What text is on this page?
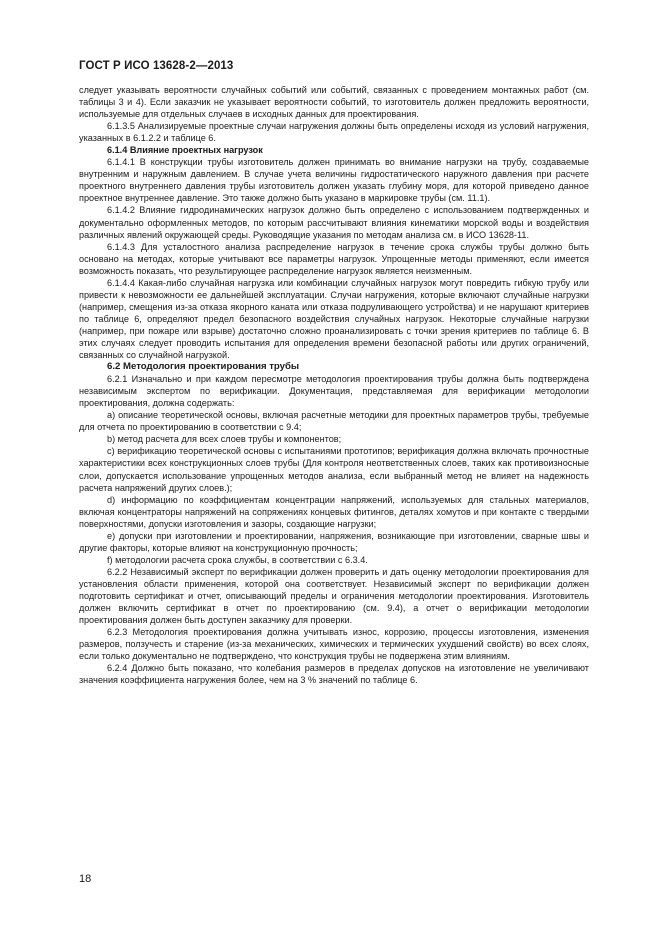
ГОСТ Р ИСО 13628-2—2013

следует указывать вероятности случайных событий или событий, связанных с проведением монтажных работ (см. таблицы 3 и 4). Если заказчик не указывает вероятности событий, то изготовитель должен предложить вероятности, используемые для отдельных случаев в исходных данных для проектирования.

6.1.3.5 Анализируемые проектные случаи нагружения должны быть определены исходя из условий нагружения, указанных в 6.1.2.2 и таблице 6.

6.1.4 Влияние проектных нагрузок

6.1.4.1 В конструкции трубы изготовитель должен принимать во внимание нагрузки на трубу, создаваемые внутренним и наружным давлением. В случае учета величины гидростатического наружного давления при расчете проектного внутреннего давления трубы изготовитель должен указать глубину моря, для которой приведено данное проектное внутреннее давление. Это также должно быть указано в маркировке трубы (см. 11.1).

6.1.4.2 Влияние гидродинамических нагрузок должно быть определено с использованием подтвержденных и документально оформленных методов, по которым рассчитывают влияния кинематики морской воды и воздействия различных явлений окружающей среды. Руководящие указания по методам анализа см. в ИСО 13628-11.

6.1.4.3 Для усталостного анализа распределение нагрузок в течение срока службы трубы должно быть основано на методах, которые учитывают все параметры нагрузок. Упрощенные методы применяют, если имеется возможность показать, что результирующее распределение нагрузок является неизменным.

6.1.4.4 Какая-либо случайная нагрузка или комбинации случайных нагрузок могут повредить гибкую трубу или привести к невозможности ее дальнейшей эксплуатации. Случаи нагружения, которые включают случайные нагрузки (например, смещения из-за отказа якорного каната или отказа подруливающего устройства) и не нарушают критериев по таблице 6, определяют предел безопасного воздействия случайных нагрузок. Некоторые случайные нагрузки (например, при пожаре или взрыве) достаточно сложно проанализировать с точки зрения критериев по таблице 6. В этих случаях следует проводить испытания для определения времени безопасной работы или других ограничений, связанных со случайной нагрузкой.

6.2 Методология проектирования трубы

6.2.1 Изначально и при каждом пересмотре методология проектирования трубы должна быть подтверждена независимым экспертом по верификации. Документация, представляемая для верификации методологии проектирования, должна содержать:

а) описание теоретической основы, включая расчетные методики для проектных параметров трубы, требуемые для отчета по проектированию в соответствии с 9.4;

b) метод расчета для всех слоев трубы и компонентов;

c) верификацию теоретической основы с испытаниями прототипов; верификация должна включать прочностные характеристики всех конструкционных слоев трубы (Для контроля неответственных слоев, таких как противоизносные слои, допускается использование упрощенных методов анализа, если выбранный метод не влияет на надежность расчета напряжений других слоев.);

d) информацию по коэффициентам концентрации напряжений, используемых для стальных материалов, включая концентраторы напряжений на сопряжениях концевых фитингов, деталях хомутов и при контакте с твердыми поверхностями, допуски изготовления и зазоры, создающие нагрузки;

е) допуски при изготовлении и проектировании, напряжения, возникающие при изготовлении, сварные швы и другие факторы, которые влияют на конструкционную прочность;

f) методологии расчета срока службы, в соответствии с 6.3.4.

6.2.2 Независимый эксперт по верификации должен проверить и дать оценку методологии проектирования для установления области применения, которой она соответствует. Независимый эксперт по верификации должен подготовить сертификат и отчет, описывающий пределы и ограничения методологии проектирования. Изготовитель должен включить сертификат в отчет по проектированию (см. 9.4), а отчет о верификации методологии проектирования должен быть доступен заказчику для проверки.

6.2.3 Методология проектирования должна учитывать износ, коррозию, процессы изготовления, изменения размеров, ползучесть и старение (из-за механических, химических и термических ухудшений свойств) во всех слоях, если только документально не подтверждено, что конструкция трубы не подвержена этим влияниям.

6.2.4 Должно быть показано, что колебания размеров в пределах допусков на изготовление не увеличивают значения коэффициента нагружения более, чем на 3 % значений по таблице 6.

18
